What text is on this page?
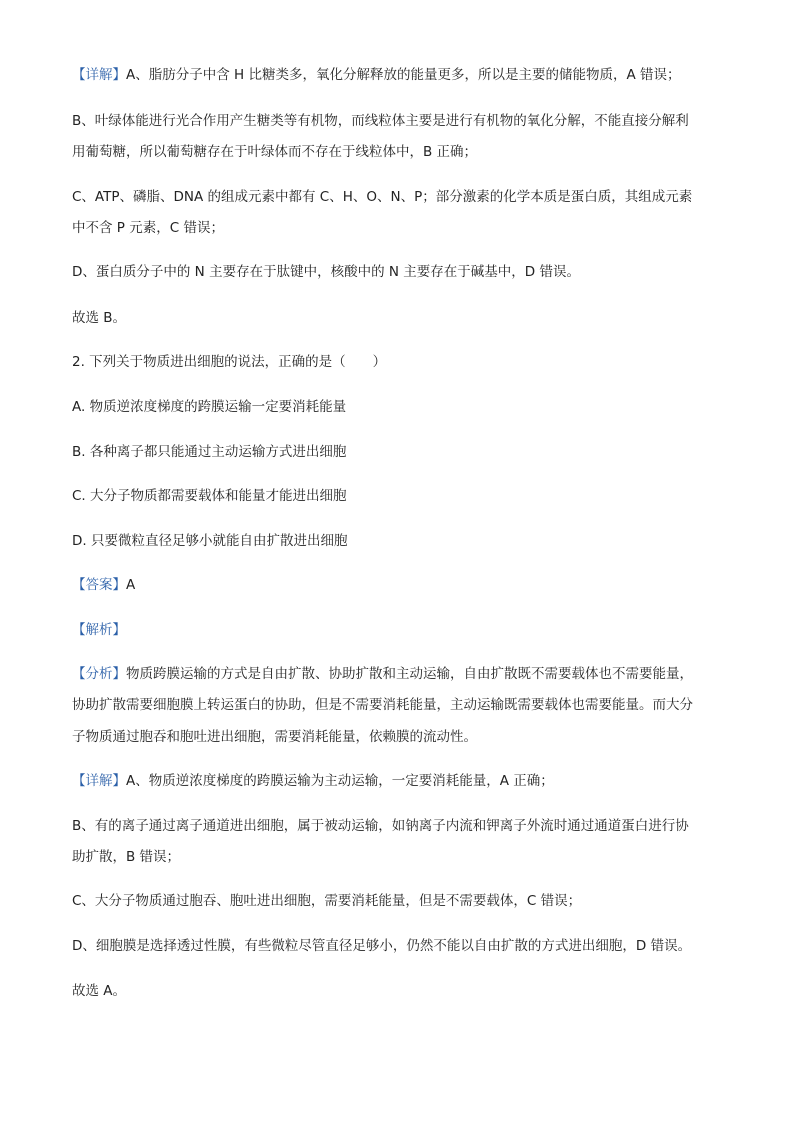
【详解】A、脂肪分子中含 H 比糖类多，氧化分解释放的能量更多，所以是主要的储能物质，A 错误；
B、叶绿体能进行光合作用产生糖类等有机物，而线粒体主要是进行有机物的氧化分解，不能直接分解利
用葡萄糖，所以葡萄糖存在于叶绿体而不存在于线粒体中，B 正确；
C、ATP、磷脂、DNA 的组成元素中都有 C、H、O、N、P；部分激素的化学本质是蛋白质，其组成元素
中不含 P 元素，C 错误；
D、蛋白质分子中的 N 主要存在于肽键中，核酸中的 N 主要存在于碱基中，D 错误。
故选 B。
2. 下列关于物质进出细胞的说法，正确的是（　　）
A. 物质逆浓度梯度的跨膜运输一定要消耗能量
B. 各种离子都只能通过主动运输方式进出细胞
C. 大分子物质都需要载体和能量才能进出细胞
D. 只要微粒直径足够小就能自由扩散进出细胞
【答案】A
【解析】
【分析】物质跨膜运输的方式是自由扩散、协助扩散和主动运输，自由扩散既不需要载体也不需要能量，
协助扩散需要细胞膜上转运蛋白的协助，但是不需要消耗能量，主动运输既需要载体也需要能量。而大分
子物质通过胞吞和胞吐进出细胞，需要消耗能量，依赖膜的流动性。
【详解】A、物质逆浓度梯度的跨膜运输为主动运输，一定要消耗能量，A 正确；
B、有的离子通过离子通道进出细胞，属于被动运输，如钠离子内流和钾离子外流时通过通道蛋白进行协
助扩散，B 错误；
C、大分子物质通过胞吞、胞吐进出细胞，需要消耗能量，但是不需要载体，C 错误；
D、细胞膜是选择透过性膜，有些微粒尽管直径足够小，仍然不能以自由扩散的方式进出细胞，D 错误。
故选 A。
